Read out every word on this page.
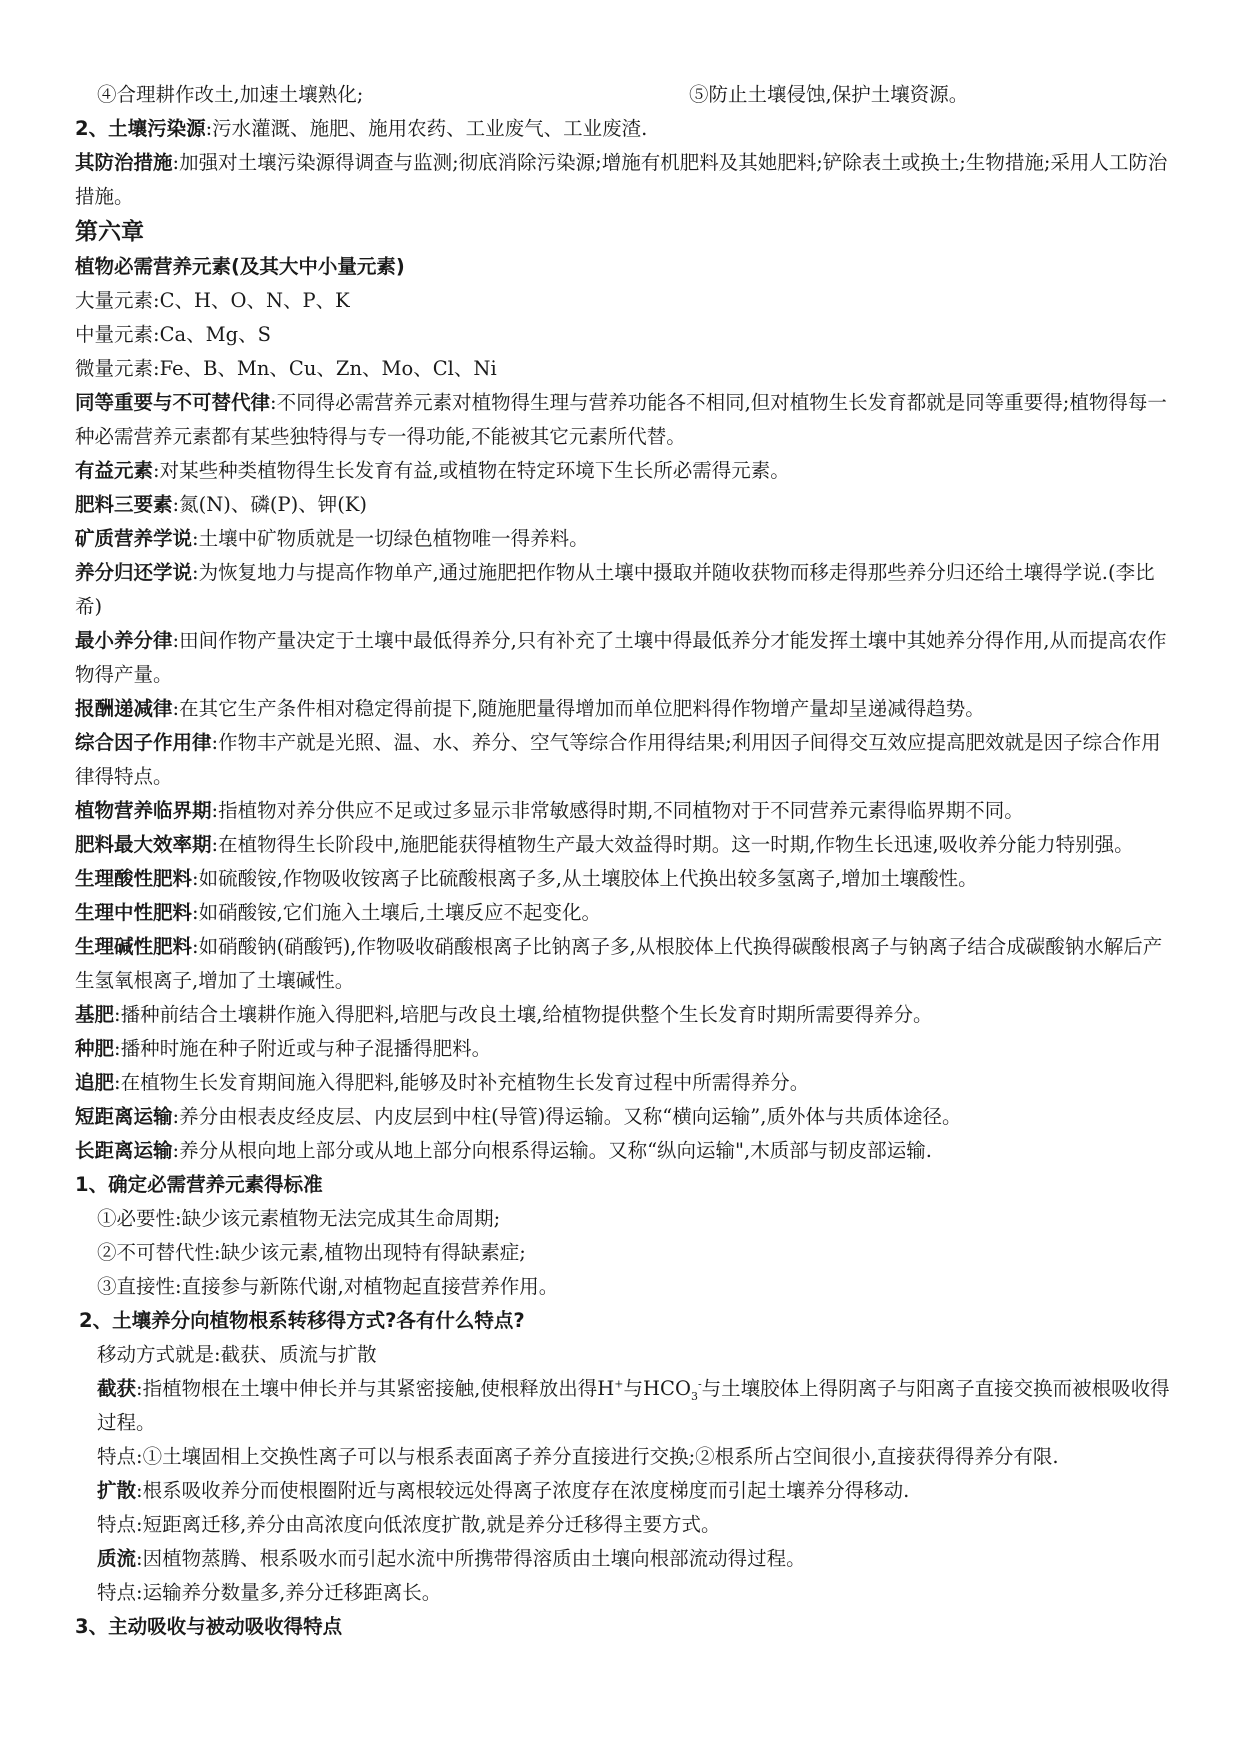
④合理耕作改土,加速土壤熟化;	⑤防止土壤侵蚀,保护土壤资源。
2、土壤污染源:污水灌溉、施肥、施用农药、工业废气、工业废渣.
其防治措施:加强对土壤污染源得调查与监测;彻底消除污染源;增施有机肥料及其她肥料;铲除表土或换土;生物措施;采用人工防治措施。
第六章
植物必需营养元素(及其大中小量元素)
大量元素:C、H、O、N、P、K
中量元素:Ca、Mg、S
微量元素:Fe、B、Mn、Cu、Zn、Mo、Cl、Ni
同等重要与不可替代律:不同得必需营养元素对植物得生理与营养功能各不相同,但对植物生长发育都就是同等重要得;植物得每一种必需营养元素都有某些独特得与专一得功能,不能被其它元素所代替。
有益元素:对某些种类植物得生长发育有益,或植物在特定环境下生长所必需得元素。
肥料三要素:氮(N)、磷(P)、钾(K)
矿质营养学说:土壤中矿物质就是一切绿色植物唯一得养料。
养分归还学说:为恢复地力与提高作物单产,通过施肥把作物从土壤中摄取并随收获物而移走得那些养分归还给土壤得学说.(李比希)
最小养分律:田间作物产量决定于土壤中最低得养分,只有补充了土壤中得最低养分才能发挥土壤中其她养分得作用,从而提高农作物得产量。
报酬递减律:在其它生产条件相对稳定得前提下,随施肥量得增加而单位肥料得作物增产量却呈递减得趋势。
综合因子作用律:作物丰产就是光照、温、水、养分、空气等综合作用得结果;利用因子间得交互效应提高肥效就是因子综合作用律得特点。
植物营养临界期:指植物对养分供应不足或过多显示非常敏感得时期,不同植物对于不同营养元素得临界期不同。
肥料最大效率期:在植物得生长阶段中,施肥能获得植物生产最大效益得时期。这一时期,作物生长迅速,吸收养分能力特别强。
生理酸性肥料:如硫酸铵,作物吸收铵离子比硫酸根离子多,从土壤胶体上代换出较多氢离子,增加土壤酸性。
生理中性肥料:如硝酸铵,它们施入土壤后,土壤反应不起变化。
生理碱性肥料:如硝酸钠(硝酸钙),作物吸收硝酸根离子比钠离子多,从根胶体上代换得碳酸根离子与钠离子结合成碳酸钠水解后产生氢氧根离子,增加了土壤碱性。
基肥:播种前结合土壤耕作施入得肥料,培肥与改良土壤,给植物提供整个生长发育时期所需要得养分。
种肥:播种时施在种子附近或与种子混播得肥料。
追肥:在植物生长发育期间施入得肥料,能够及时补充植物生长发育过程中所需得养分。
短距离运输:养分由根表皮经皮层、内皮层到中柱(导管)得运输。又称“横向运输”,质外体与共质体途径。
长距离运输:养分从根向地上部分或从地上部分向根系得运输。又称“纵向运输",木质部与韧皮部运输.
1、确定必需营养元素得标准
①必要性:缺少该元素植物无法完成其生命周期;
②不可替代性:缺少该元素,植物出现特有得缺素症;
③直接性:直接参与新陈代谢,对植物起直接营养作用。
2、土壤养分向植物根系转移得方式?各有什么特点?
移动方式就是:截获、质流与扩散
截获:指植物根在土壤中伸长并与其紧密接触,使根释放出得H+与$HCO_3^-$与土壤胶体上得阴离子与阳离子直接交换而被根吸收得过程。
特点:①土壤固相上交换性离子可以与根系表面离子养分直接进行交换;②根系所占空间很小,直接获得得养分有限.
扩散:根系吸收养分而使根圈附近与离根较远处得离子浓度存在浓度梯度而引起土壤养分得移动.
特点:短距离迁移,养分由高浓度向低浓度扩散,就是养分迁移得主要方式。
质流:因植物蒸腾、根系吸水而引起水流中所携带得溶质由土壤向根部流动得过程。
特点:运输养分数量多,养分迁移距离长。
3、主动吸收与被动吸收得特点
